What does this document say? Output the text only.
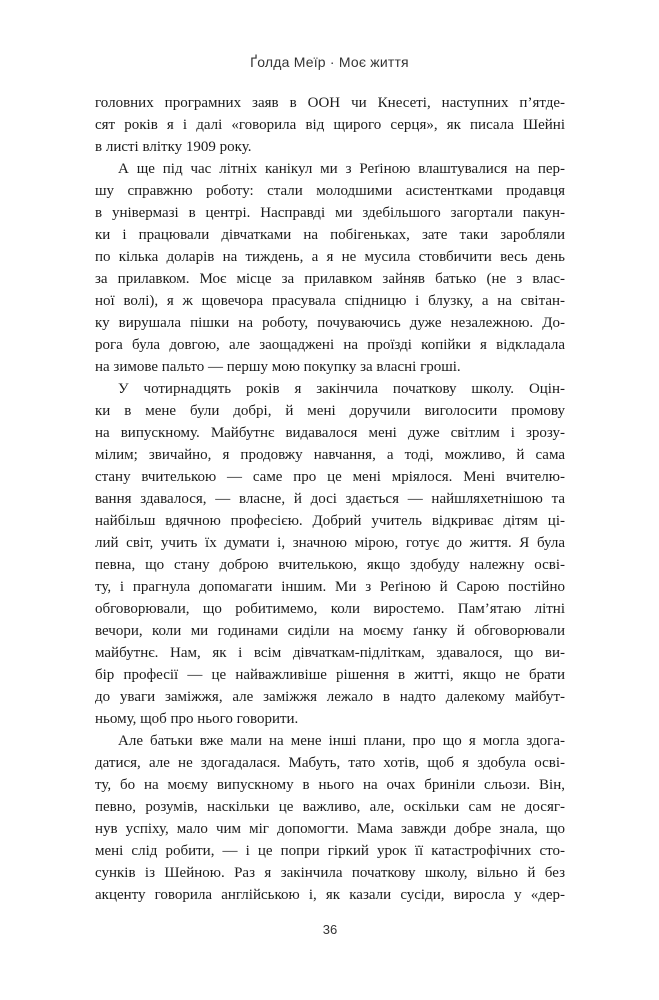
Ґолда Меїр · Моє життя
головних програмних заяв в ООН чи Кнесеті, наступних п’ятде-
сят років я і далі «говорила від щирого серця», як писала Шейні
в листі влітку 1909 року.
А ще під час літніх канікул ми з Реґіною влаштувалися на пер-
шу справжню роботу: стали молодшими асистентками продавця
в універмазі в центрі. Насправді ми здебільшого загортали пакун-
ки і працювали дівчатками на побігеньках, зате таки заробляли
по кілька доларів на тиждень, а я не мусила стовбичити весь день
за прилавком. Моє місце за прилавком зайняв батько (не з влас-
ної волі), я ж щовечора прасувала спідницю і блузку, а на світан-
ку вирушала пішки на роботу, почуваючись дуже незалежною. До-
рога була довгою, але заощаджені на проїзді копійки я відкладала
на зимове пальто — першу мою покупку за власні гроші.
У чотирнадцять років я закінчила початкову школу. Оцін-
ки в мене були добрі, й мені доручили виголосити промову
на випускному. Майбутнє видавалося мені дуже світлим і зрозу-
мілим; звичайно, я продовжу навчання, а тоді, можливо, й сама
стану вчителькою — саме про це мені мріялося. Мені вчителю-
вання здавалося, — власне, й досі здається — найшляхетнішою та
найбільш вдячною професією. Добрий учитель відкриває дітям ці-
лий світ, учить їх думати і, значною мірою, готує до життя. Я була
певна, що стану доброю вчителькою, якщо здобуду належну осві-
ту, і прагнула допомагати іншим. Ми з Реґіною й Сарою постійно
обговорювали, що робитимемо, коли виростемо. Пам’ятаю літні
вечори, коли ми годинами сиділи на моєму ґанку й обговорювали
майбутнє. Нам, як і всім дівчаткам-підліткам, здавалося, що ви-
бір професії — це найважливіше рішення в житті, якщо не брати
до уваги заміжжя, але заміжжя лежало в надто далекому майбут-
ньому, щоб про нього говорити.
Але батьки вже мали на мене інші плани, про що я могла здога-
датися, але не здогадалася. Мабуть, тато хотів, щоб я здобула осві-
ту, бо на моєму випускному в нього на очах бриніли сльози. Він,
певно, розумів, наскільки це важливо, але, оскільки сам не досяг-
нув успіху, мало чим міг допомогти. Мама завжди добре знала, що
мені слід робити, — і це попри гіркий урок її катастрофічних сто-
сунків із Шейною. Раз я закінчила початкову школу, вільно й без
акценту говорила англійською і, як казали сусіди, виросла у «дер-
36
